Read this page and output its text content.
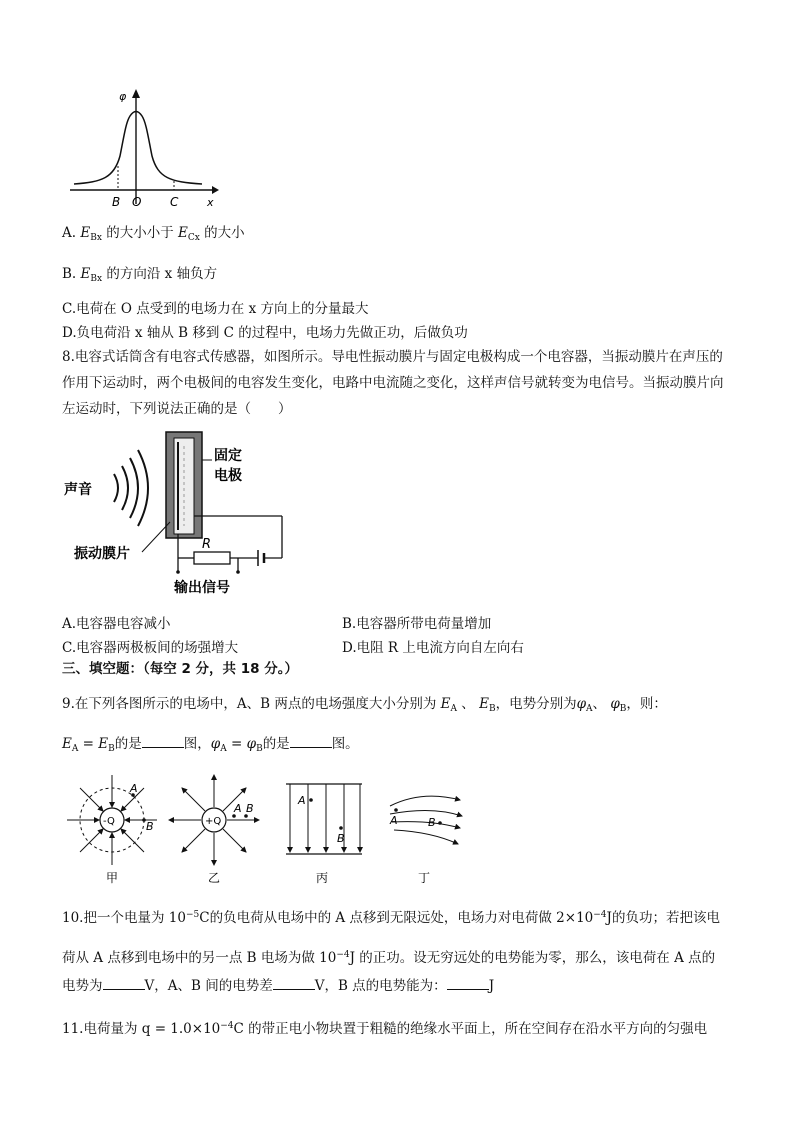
φ
x
B O C
A. $E_{Bx}$ 的大小小于 $E_{Cx}$ 的大小
B. $E_{Bx}$ 的方向沿 x 轴负方
C.电荷在 O 点受到的电场力在 x 方向上的分量最大
D.负电荷沿 x 轴从 B 移到 C 的过程中，电场力先做正功，后做负功
8.电容式话筒含有电容式传感器，如图所示。导电性振动膜片与固定电极构成一个电容器，当振动膜片在声压的作用下运动时，两个电极间的电容发生变化，电路中电流随之变化，这样声信号就转变为电信号。当振动膜片向左运动时，下列说法正确的是（　　）
声音
固定
电极
振动膜片
R
输出信号
A.电容器电容减小	B.电容器所带电荷量增加
C.电容器两极板间的场强增大	D.电阻 R 上电流方向自左向右
三、填空题：（每空 2 分，共 18 分。）
9.在下列各图所示的电场中，A、B 两点的电场强度大小分别为 $E_A$ 、 $E_B$，电势分别为$\varphi_A$、 $\varphi_B$，则：
$E_A = E_B$的是	图，$\varphi_A = \varphi_B$的是	图。
A
B
-Q
甲
A B
+Q
乙
A
B
丙
A	B
丁
10.把一个电量为 $10^{-5}C$的负电荷从电场中的 A 点移到无限远处，电场力对电荷做 $2\times 10^{-4}J$的负功；若把该电
荷从 A 点移到电场中的另一点 B 电场为做 $10^{-4}J$ 的正功。设无穷远处的电势能为零，那么，该电荷在 A 点的
电势为	V，A、B 间的电势差	V，B 点的电势能为：	J
11.电荷量为 $q = 1.0\times 10^{-4}C$ 的带正电小物块置于粗糙的绝缘水平面上，所在空间存在沿水平方向的匀强电
